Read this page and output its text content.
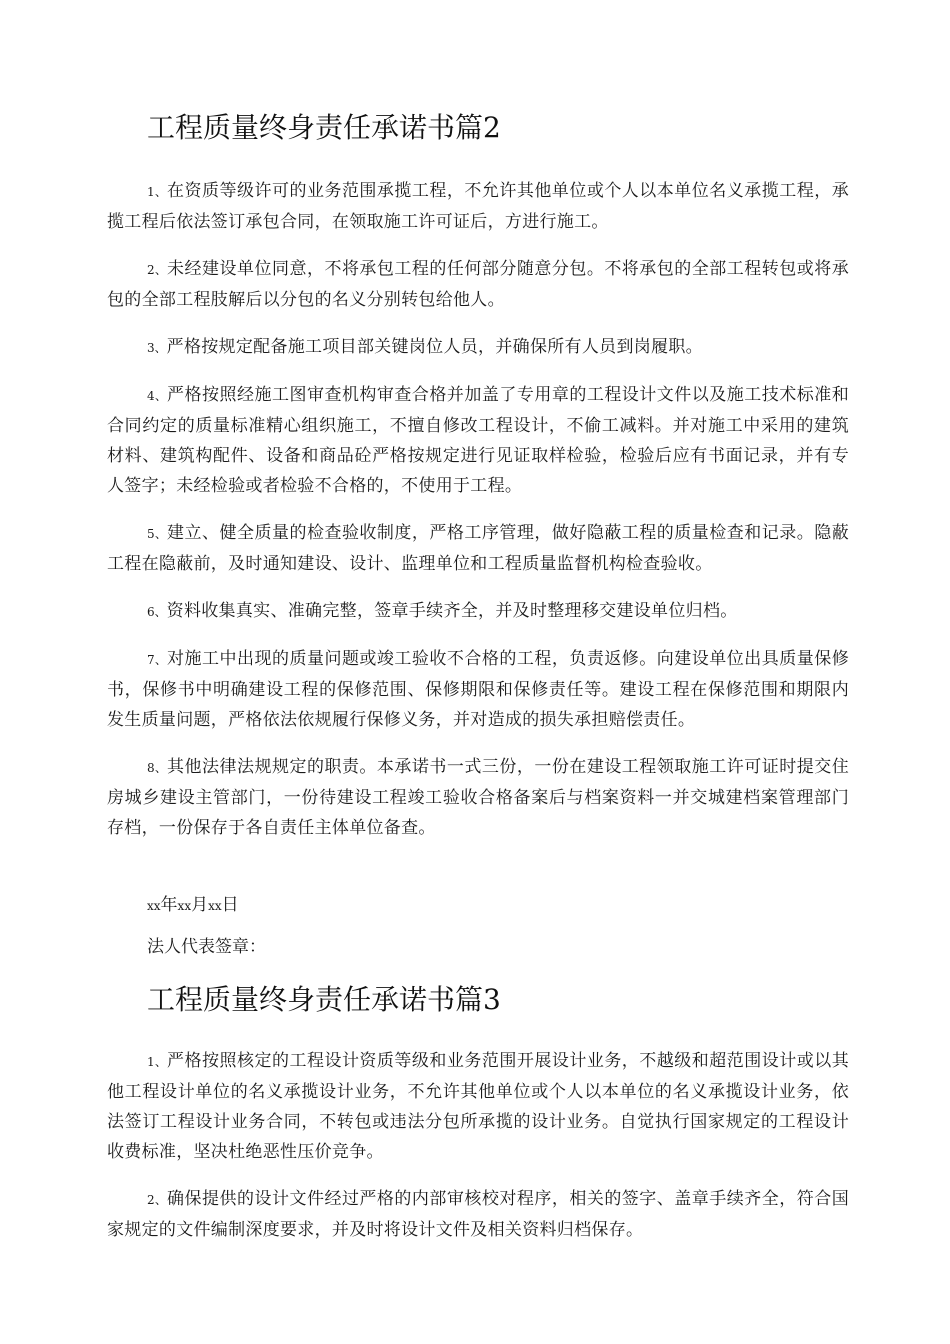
工程质量终身责任承诺书篇2

1、在资质等级许可的业务范围承揽工程，不允许其他单位或个人以本单位名义承揽工程，承揽工程后依法签订承包合同，在领取施工许可证后，方进行施工。

2、未经建设单位同意，不将承包工程的任何部分随意分包。不将承包的全部工程转包或将承包的全部工程肢解后以分包的名义分别转包给他人。

3、严格按规定配备施工项目部关键岗位人员，并确保所有人员到岗履职。

4、严格按照经施工图审查机构审查合格并加盖了专用章的工程设计文件以及施工技术标准和合同约定的质量标准精心组织施工，不擅自修改工程设计，不偷工减料。并对施工中采用的建筑材料、建筑构配件、设备和商品砼严格按规定进行见证取样检验，检验后应有书面记录，并有专人签字；未经检验或者检验不合格的，不使用于工程。

5、建立、健全质量的检查验收制度，严格工序管理，做好隐蔽工程的质量检查和记录。隐蔽工程在隐蔽前，及时通知建设、设计、监理单位和工程质量监督机构检查验收。

6、资料收集真实、准确完整，签章手续齐全，并及时整理移交建设单位归档。

7、对施工中出现的质量问题或竣工验收不合格的工程，负责返修。向建设单位出具质量保修书，保修书中明确建设工程的保修范围、保修期限和保修责任等。建设工程在保修范围和期限内发生质量问题，严格依法依规履行保修义务，并对造成的损失承担赔偿责任。

8、其他法律法规规定的职责。本承诺书一式三份，一份在建设工程领取施工许可证时提交住房城乡建设主管部门，一份待建设工程竣工验收合格备案后与档案资料一并交城建档案管理部门存档，一份保存于各自责任主体单位备查。

xx年xx月xx日
法人代表签章：
工程质量终身责任承诺书篇3

1、严格按照核定的工程设计资质等级和业务范围开展设计业务，不越级和超范围设计或以其他工程设计单位的名义承揽设计业务，不允许其他单位或个人以本单位的名义承揽设计业务，依法签订工程设计业务合同，不转包或违法分包所承揽的设计业务。自觉执行国家规定的工程设计收费标准，坚决杜绝恶性压价竞争。

2、确保提供的设计文件经过严格的内部审核校对程序，相关的签字、盖章手续齐全，符合国家规定的文件编制深度要求，并及时将设计文件及相关资料归档保存。
